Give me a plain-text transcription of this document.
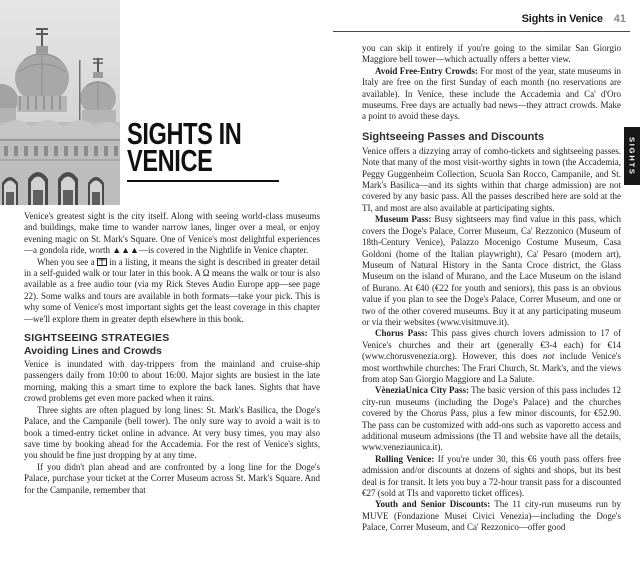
Sights in Venice 41
SIGHTS IN
VENICE

Venice's greatest sight is the city itself. Along with seeing world-class museums and buildings, make time to wander narrow lanes, linger over a meal, or enjoy evening magic on St. Mark's Square. One of Venice's most delightful experiences—a gondola ride, worth ▲▲▲—is covered in the Nightlife in Venice chapter.

When you see a  in a listing, it means the sight is described in greater detail in a self-guided walk or tour later in this book. A Ω means the walk or tour is also available as a free audio tour (via my Rick Steves Audio Europe app—see page 22). Some walks and tours are available in both formats—take your pick. This is why some of Venice's most important sights get the least coverage in this chapter—we'll explore them in greater depth elsewhere in this book.

SIGHTSEEING STRATEGIES
Avoiding Lines and Crowds

Venice is inundated with day-trippers from the mainland and cruise-ship passengers daily from 10:00 to about 16:00. Major sights are busiest in the late morning, making this a smart time to explore the back lanes. Sights that have crowd problems get even more packed when it rains.

Three sights are often plagued by long lines: St. Mark's Basilica, the Doge's Palace, and the Campanile (bell tower). The only sure way to avoid a wait is to book a timed-entry ticket online in advance. At very busy times, you may also save time by booking ahead for the Accademia. For the rest of Venice's sights, you should be fine just dropping by at any time.

If you didn't plan ahead and are confronted by a long line for the Doge's Palace, purchase your ticket at the Correr Museum across St. Mark's Square. And for the Campanile, remember that

you can skip it entirely if you're going to the similar San Giorgio Maggiore bell tower—which actually offers a better view.

Avoid Free-Entry Crowds: For most of the year, state museums in Italy are free on the first Sunday of each month (no reservations are available). In Venice, these include the Accademia and Ca' d'Oro museums. Free days are actually bad news—they attract crowds. Make a point to avoid these days.

Sightseeing Passes and Discounts

Venice offers a dizzying array of combo-tickets and sightseeing passes. Note that many of the most visit-worthy sights in town (the Accademia, Peggy Guggenheim Collection, Scuola San Rocco, Campanile, and St. Mark's Basilica—and its sights within that charge admission) are not covered by any basic pass. All the passes described here are sold at the TI, and most are also available at participating sights.

Museum Pass: Busy sightseers may find value in this pass, which covers the Doge's Palace, Correr Museum, Ca' Rezzonico (Museum of 18th-Century Venice), Palazzo Mocenigo Costume Museum, Casa Goldoni (home of the Italian playwright), Ca' Pesaro (modern art), Museum of Natural History in the Santa Croce district, the Glass Museum on the island of Murano, and the Lace Museum on the island of Burano. At €40 (€22 for youth and seniors), this pass is an obvious value if you plan to see the Doge's Palace, Correr Museum, and one or two of the other covered museums. Buy it at any participating museum or via their websites (www.visitmuve.it).

Chorus Pass: This pass gives church lovers admission to 17 of Venice's churches and their art (generally €3-4 each) for €14 (www.chorusvenezia.org). However, this does not include Venice's most worthwhile churches: The Frari Church, St. Mark's, and the views from atop San Giorgio Maggiore and La Salute.

VèneziaUnica City Pass: The basic version of this pass includes 12 city-run museums (including the Doge's Palace) and the churches covered by the Chorus Pass, plus a few minor discounts, for €52.90. The pass can be customized with add-ons such as vaporetto access and additional museum admissions (the TI and website have all the details, www.veneziaunica.it).

Rolling Venice: If you're under 30, this €6 youth pass offers free admission and/or discounts at dozens of sights and shops, but its best deal is for transit. It lets you buy a 72-hour transit pass for a discounted €27 (sold at TIs and vaporetto ticket offices).

Youth and Senior Discounts: The 11 city-run museums run by MUVE (Fondazione Musei Civici Venezia)—including the Doge's Palace, Correr Museum, and Ca' Rezzonico—offer good

SIGHTS
